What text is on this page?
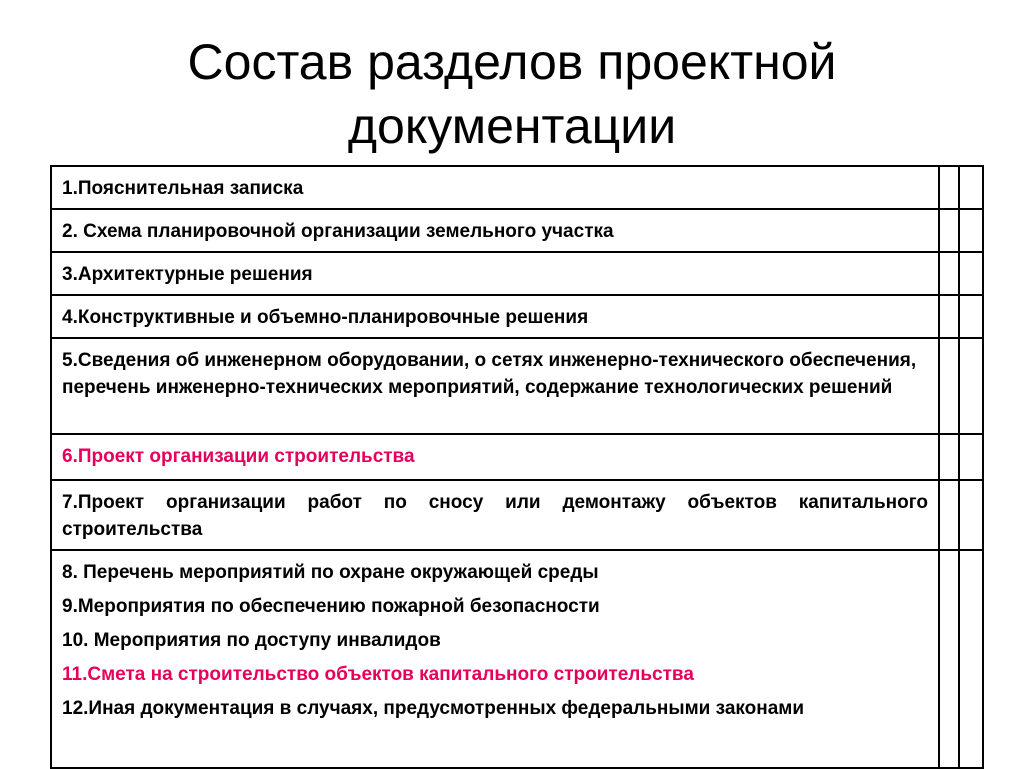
Состав разделов проектной
документации
1.Пояснительная записка		
2. Схема планировочной организации земельного участка		
3.Архитектурные решения		
4.Конструктивные и объемно-планировочные решения		
5.Сведения об инженерном оборудовании, о сетях инженерно-технического обеспечения, перечень инженерно-технических мероприятий, содержание технологических решений		
6.Проект организации строительства		
7.Проект организации работ по сносу или демонтажу объектов капитального строительства		

8. Перечень мероприятий по охране окружающей среды
9.Мероприятия по обеспечению пожарной безопасности
10. Мероприятия по доступу инвалидов
11.Смета на строительство объектов капитального строительства
12.Иная документация в случаях, предусмотренных федеральными законами		
